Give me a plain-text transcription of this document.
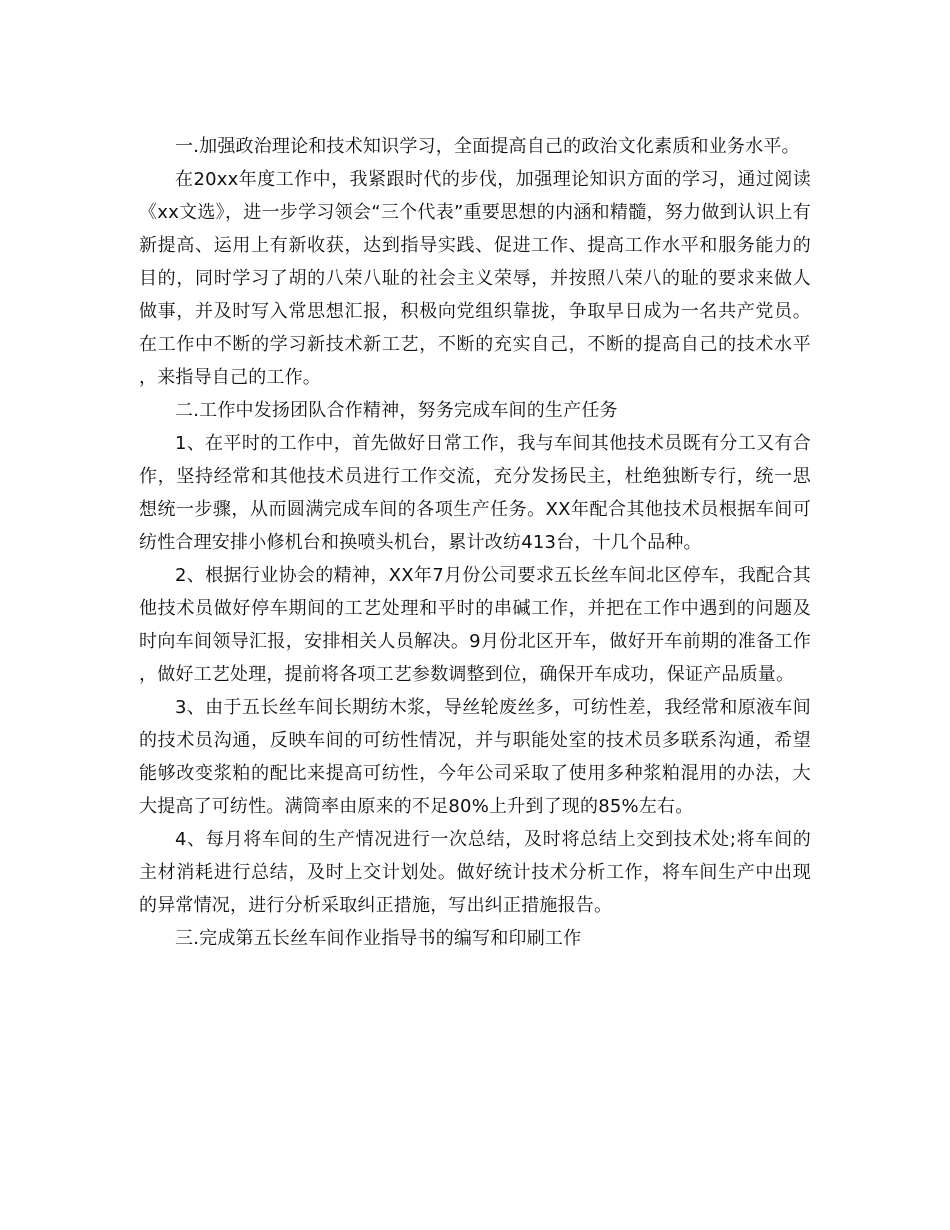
一.加强政治理论和技术知识学习，全面提高自己的政治文化素质和业务水平。

在20xx年度工作中，我紧跟时代的步伐，加强理论知识方面的学习，通过阅读《xx文选》，进一步学习领会“三个代表”重要思想的内涵和精髓，努力做到认识上有新提高、运用上有新收获，达到指导实践、促进工作、提高工作水平和服务能力的目的，同时学习了胡的八荣八耻的社会主义荣辱，并按照八荣八的耻的要求来做人做事，并及时写入常思想汇报，积极向党组织靠拢，争取早日成为一名共产党员。在工作中不断的学习新技术新工艺，不断的充实自己，不断的提高自己的技术水平，来指导自己的工作。

二.工作中发扬团队合作精神，努务完成车间的生产任务

1、在平时的工作中，首先做好日常工作，我与车间其他技术员既有分工又有合作，坚持经常和其他技术员进行工作交流，充分发扬民主，杜绝独断专行，统一思想统一步骤，从而圆满完成车间的各项生产任务。XX年配合其他技术员根据车间可纺性合理安排小修机台和换喷头机台，累计改纺413台，十几个品种。

2、根据行业协会的精神，XX年7月份公司要求五长丝车间北区停车，我配合其他技术员做好停车期间的工艺处理和平时的串碱工作，并把在工作中遇到的问题及时向车间领导汇报，安排相关人员解决。9月份北区开车，做好开车前期的准备工作，做好工艺处理，提前将各项工艺参数调整到位，确保开车成功，保证产品质量。

3、由于五长丝车间长期纺木浆，导丝轮废丝多，可纺性差，我经常和原液车间的技术员沟通，反映车间的可纺性情况，并与职能处室的技术员多联系沟通，希望能够改变浆粕的配比来提高可纺性，今年公司采取了使用多种浆粕混用的办法，大大提高了可纺性。满筒率由原来的不足80%上升到了现的85%左右。

4、每月将车间的生产情况进行一次总结，及时将总结上交到技术处;将车间的主材消耗进行总结，及时上交计划处。做好统计技术分析工作，将车间生产中出现的异常情况，进行分析采取纠正措施，写出纠正措施报告。

三.完成第五长丝车间作业指导书的编写和印刷工作
